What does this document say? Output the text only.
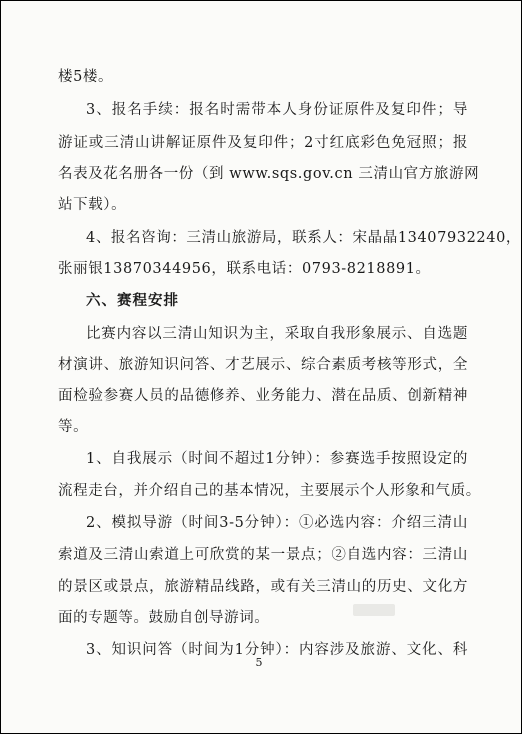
楼5楼。
3、报名手续：报名时需带本人身份证原件及复印件；导
游证或三清山讲解证原件及复印件；2寸红底彩色免冠照；报
名表及花名册各一份（到 www.sqs.gov.cn 三清山官方旅游网
站下载）。
4、报名咨询：三清山旅游局，联系人：宋晶晶13407932240，
张丽银13870344956，联系电话：0793-8218891。
六、赛程安排
比赛内容以三清山知识为主，采取自我形象展示、自选题
材演讲、旅游知识问答、才艺展示、综合素质考核等形式，全
面检验参赛人员的品德修养、业务能力、潜在品质、创新精神
等。
1、自我展示（时间不超过1分钟）：参赛选手按照设定的
流程走台，并介绍自己的基本情况，主要展示个人形象和气质。
2、模拟导游（时间3-5分钟）：①必选内容：介绍三清山
索道及三清山索道上可欣赏的某一景点；②自选内容：三清山
的景区或景点，旅游精品线路，或有关三清山的历史、文化方
面的专题等。鼓励自创导游词。
3、知识问答（时间为1分钟）：内容涉及旅游、文化、科
5
